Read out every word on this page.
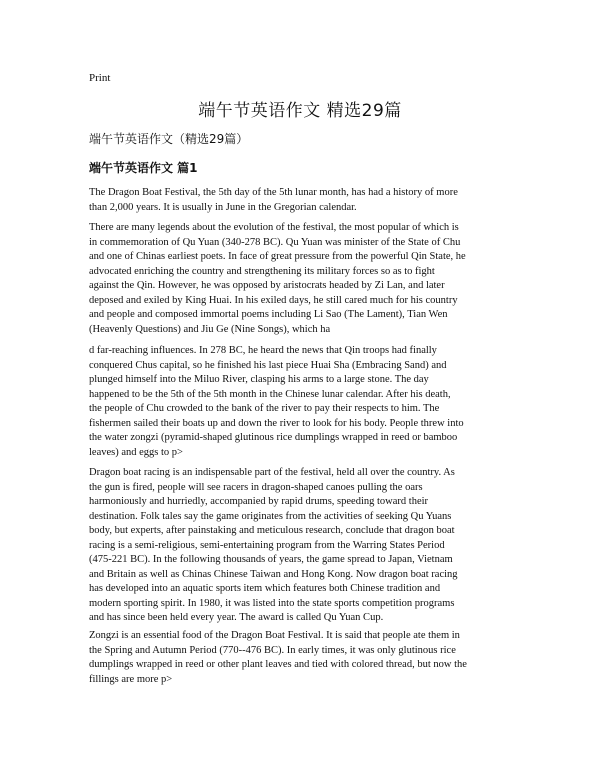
Print
端午节英语作文 精选29篇
端午节英语作文（精选29篇）
端午节英语作文 篇1
The Dragon Boat Festival, the 5th day of the 5th lunar month, has had a history of more
than 2,000 years. It is usually in June in the Gregorian calendar.
There are many legends about the evolution of the festival, the most popular of which is
in commemoration of Qu Yuan (340-278 BC). Qu Yuan was minister of the State of Chu
and one of Chinas earliest poets. In face of great pressure from the powerful Qin State, he
advocated enriching the country and strengthening its military forces so as to fight
against the Qin. However, he was opposed by aristocrats headed by Zi Lan, and later
deposed and exiled by King Huai. In his exiled days, he still cared much for his country
and people and composed immortal poems including Li Sao (The Lament), Tian Wen
(Heavenly Questions) and Jiu Ge (Nine Songs), which ha
d far-reaching influences. In 278 BC, he heard the news that Qin troops had finally
conquered Chus capital, so he finished his last piece Huai Sha (Embracing Sand) and
plunged himself into the Miluo River, clasping his arms to a large stone. The day
happened to be the 5th of the 5th month in the Chinese lunar calendar. After his death,
the people of Chu crowded to the bank of the river to pay their respects to him. The
fishermen sailed their boats up and down the river to look for his body. People threw into
the water zongzi (pyramid-shaped glutinous rice dumplings wrapped in reed or bamboo
leaves) and eggs to p>
Dragon boat racing is an indispensable part of the festival, held all over the country. As
the gun is fired, people will see racers in dragon-shaped canoes pulling the oars
harmoniously and hurriedly, accompanied by rapid drums, speeding toward their
destination. Folk tales say the game originates from the activities of seeking Qu Yuans
body, but experts, after painstaking and meticulous research, conclude that dragon boat
racing is a semi-religious, semi-entertaining program from the Warring States Period
(475-221 BC). In the following thousands of years, the game spread to Japan, Vietnam
and Britain as well as Chinas Chinese Taiwan and Hong Kong. Now dragon boat racing
has developed into an aquatic sports item which features both Chinese tradition and
modern sporting spirit. In 1980, it was listed into the state sports competition programs
and has since been held every year. The award is called Qu Yuan Cup.
Zongzi is an essential food of the Dragon Boat Festival. It is said that people ate them in
the Spring and Autumn Period (770--476 BC). In early times, it was only glutinous rice
dumplings wrapped in reed or other plant leaves and tied with colored thread, but now the
fillings are more p>
